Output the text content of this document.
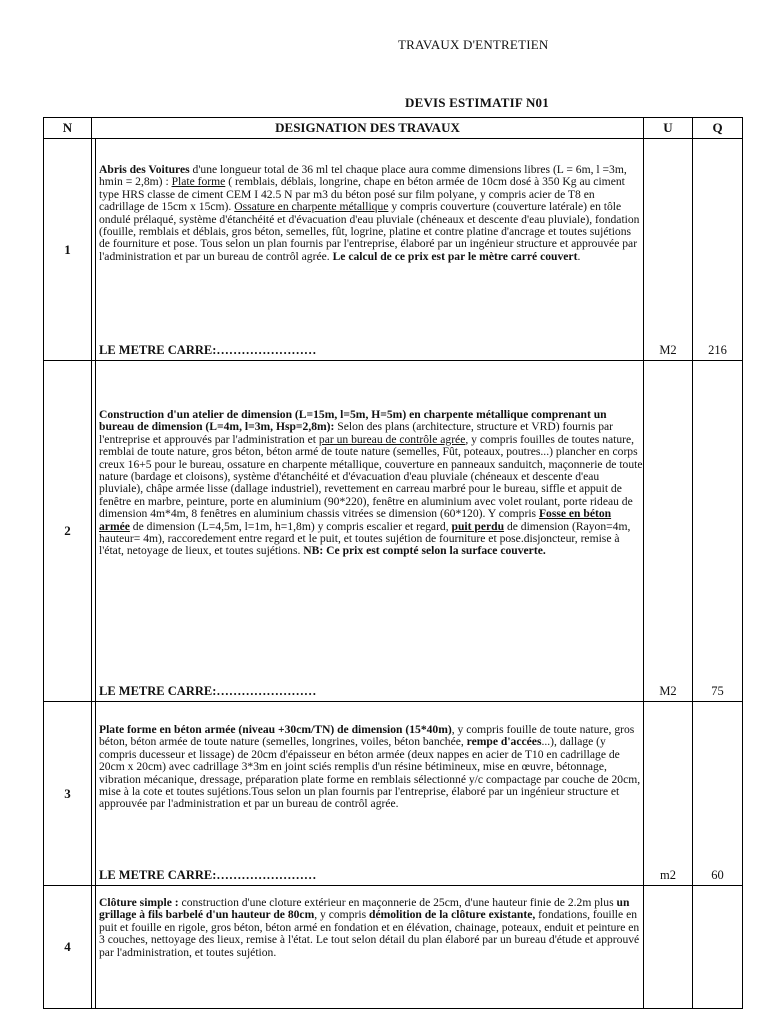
TRAVAUX D'ENTRETIEN
DEVIS ESTIMATIF N01
N	DESIGNATION DES TRAVAUX	U	Q
1	Abris des Voitures d'une longueur total de 36 ml tel chaque place aura comme dimensions libres (L = 6m, l =3m, hmin = 2,8m) : Plate forme ( remblais, déblais, longrine, chape en béton armée de 10cm dosé à 350 Kg au ciment type HRS classe de ciment CEM I 42.5 N par m3 du béton posé sur film polyane, y compris acier de T8 en cadrillage de 15cm x 15cm). Ossature en charpente métallique y compris couverture (couverture latérale) en tôle ondulé prélaqué, système d'étanchéité et d'évacuation d'eau pluviale (chéneaux et descente d'eau pluviale), fondation (fouille, remblais et déblais, gros béton, semelles, fût, logrine, platine et contre platine d'ancrage et toutes sujétions de fourniture et pose. Tous selon un plan fournis par l'entreprise, élaboré par un ingénieur structure et approuvée par l'administration et par un bureau de contrôl agrée. Le calcul de ce prix est par le mètre carré couvert.
LE METRE CARRE:……………………	M2	216
2	Construction d'un atelier de dimension (L=15m, l=5m, H=5m) en charpente métallique comprenant un bureau de dimension (L=4m, l=3m, Hsp=2,8m): Selon des plans (architecture, structure et VRD) fournis par l'entreprise et approuvés par l'administration et par un bureau de contrôle agrée, y compris fouilles de toutes nature, remblai de toute nature, gros béton, béton armé de toute nature (semelles, Fût, poteaux, poutres...) plancher en corps creux 16+5 pour le bureau, ossature en charpente métallique, couverture en panneaux sanduitch, maçonnerie de toute nature (bardage et cloisons), système d'étanchéité et d'évacuation d'eau pluviale (chéneaux et descente d'eau pluviale), châpe armée lisse (dallage industriel), revettement en carreau marbré pour le bureau, siffle et appuit de fenêtre en marbre, peinture, porte en aluminium (90*220), fenêtre en aluminium avec volet roulant, porte rideau de dimension 4m*4m, 8 fenêtres en aluminium chassis vitrées se dimension (60*120). Y compris Fosse en béton armée de dimension (L=4,5m, l=1m, h=1,8m) y compris escalier et regard, puit perdu de dimension (Rayon=4m, hauteur= 4m), raccoredement entre regard et le puit, et toutes sujétion de fourniture et pose.disjoncteur, remise à l'état, netoyage de lieux, et toutes sujétions. NB: Ce prix est compté selon la surface couverte.
LE METRE CARRE:……………………	M2	75
3	Plate forme en béton armée (niveau +30cm/TN) de dimension (15*40m), y compris fouille de toute nature, gros béton, béton armée de toute nature (semelles, longrines, voiles, béton banchée, rempe d'accées...), dallage (y compris ducesseur et lissage) de 20cm d'épaisseur en béton armée (deux nappes en acier de T10 en cadrillage de 20cm x 20cm) avec cadrillage 3*3m en joint sciés remplis d'un résine bétimineux, mise en œuvre, bétonnage, vibration mécanique, dressage, préparation plate forme en remblais sélectionné y/c compactage par couche de 20cm, mise à la cote et toutes sujétions.Tous selon un plan fournis par l'entreprise, élaboré par un ingénieur structure et approuvée par l'administration et par un bureau de contrôl agrée.
LE METRE CARRE:……………………	m2	60
4	Clôture simple : construction d'une cloture extérieur en maçonnerie de 25cm, d'une hauteur finie de 2.2m plus un grillage à fils barbelé d'un hauteur de 80cm, y compris démolition de la clôture existante, fondations, fouille en puit et fouille en rigole, gros béton, béton armé en fondation et en élévation, chainage, poteaux, enduit et peinture en 3 couches, nettoyage des lieux, remise à l'état. Le tout selon détail du plan élaboré par un bureau d'étude et approuvé par l'administration, et toutes sujétion.		
